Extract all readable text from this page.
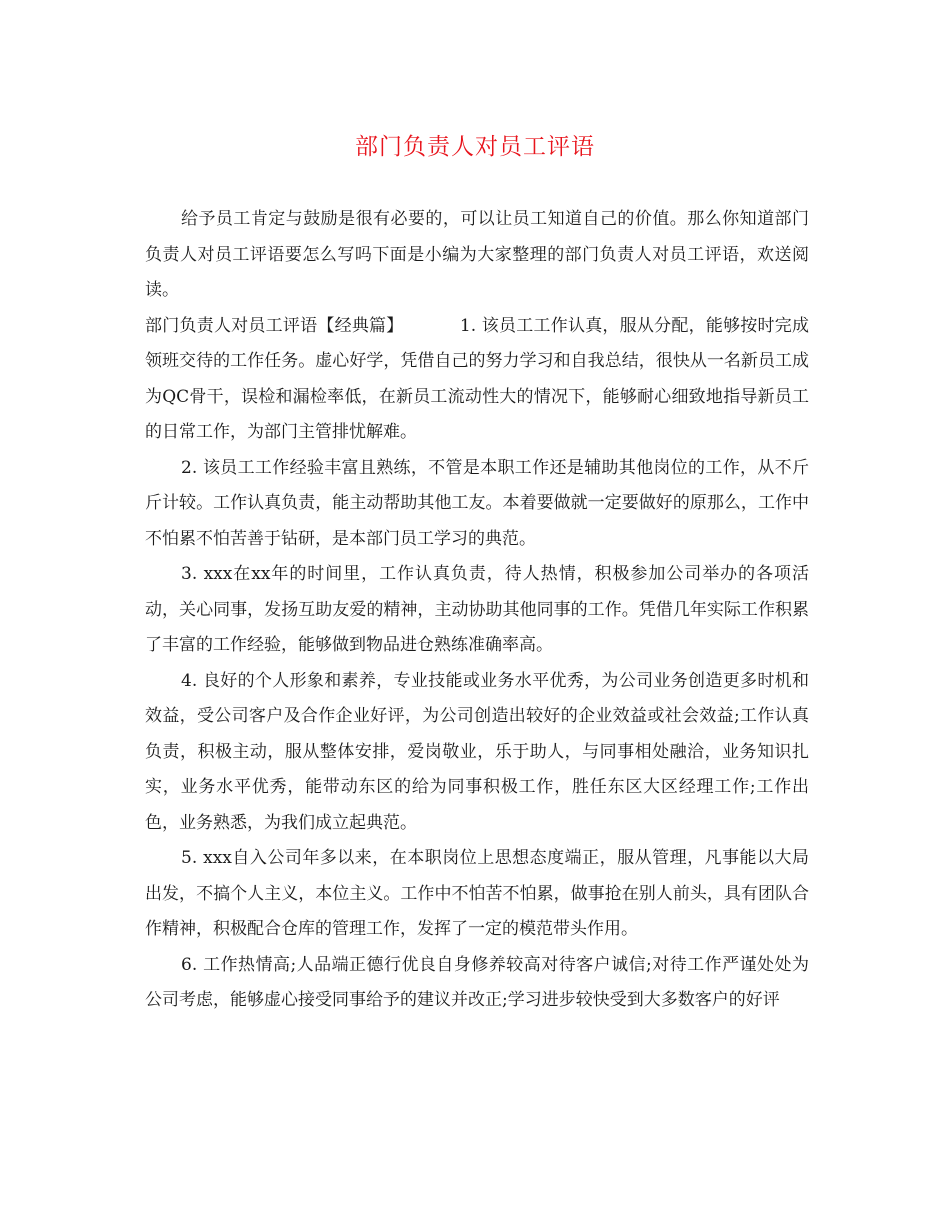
部门负责人对员工评语

给予员工肯定与鼓励是很有必要的，可以让员工知道自己的价值。那么你知道部门负责人对员工评语要怎么写吗下面是小编为大家整理的部门负责人对员工评语，欢送阅读。

部门负责人对员工评语【经典篇】	1. 该员工工作认真，服从分配，能够按时完成领班交待的工作任务。虚心好学，凭借自己的努力学习和自我总结，很快从一名新员工成为QC骨干，误检和漏检率低，在新员工流动性大的情况下，能够耐心细致地指导新员工的日常工作，为部门主管排忧解难。

2. 该员工工作经验丰富且熟练，不管是本职工作还是辅助其他岗位的工作，从不斤斤计较。工作认真负责，能主动帮助其他工友。本着要做就一定要做好的原那么，工作中不怕累不怕苦善于钻研，是本部门员工学习的典范。

3. xxx在xx年的时间里，工作认真负责，待人热情，积极参加公司举办的各项活动，关心同事，发扬互助友爱的精神，主动协助其他同事的工作。凭借几年实际工作积累了丰富的工作经验，能够做到物品进仓熟练准确率高。

4. 良好的个人形象和素养，专业技能或业务水平优秀，为公司业务创造更多时机和效益，受公司客户及合作企业好评，为公司创造出较好的企业效益或社会效益;工作认真负责，积极主动，服从整体安排，爱岗敬业，乐于助人，与同事相处融洽，业务知识扎实，业务水平优秀，能带动东区的给为同事积极工作，胜任东区大区经理工作;工作出色，业务熟悉，为我们成立起典范。

5. xxx自入公司年多以来，在本职岗位上思想态度端正，服从管理，凡事能以大局出发，不搞个人主义，本位主义。工作中不怕苦不怕累，做事抢在别人前头，具有团队合作精神，积极配合仓库的管理工作，发挥了一定的模范带头作用。

6. 工作热情高;人品端正德行优良自身修养较高对待客户诚信;对待工作严谨处处为公司考虑，能够虚心接受同事给予的建议并改正;学习进步较快受到大多数客户的好评
